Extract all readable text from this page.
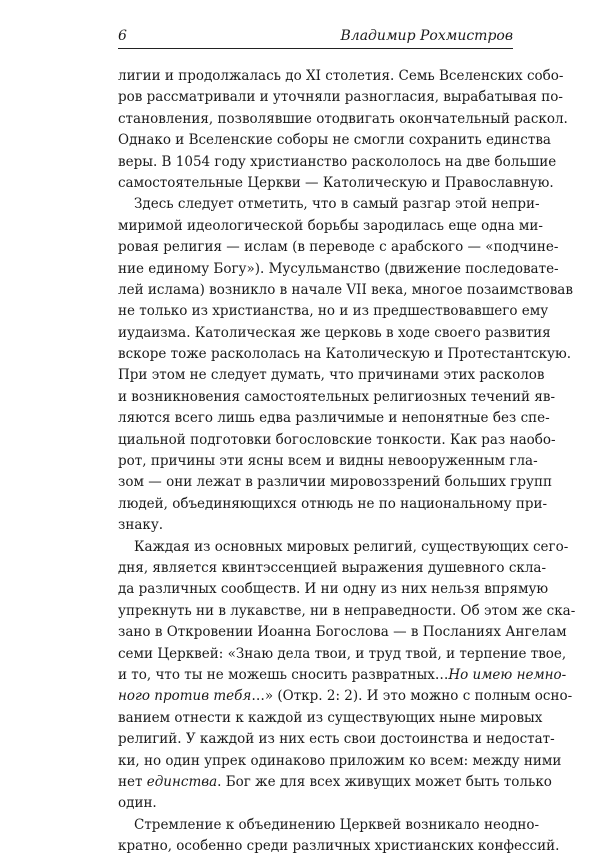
6	Владимир Рохмистров
лигии и продолжалась до XI столетия. Семь Вселенских собо-
ров рассматривали и уточняли разногласия, вырабатывая по-
становления, позволявшие отодвигать окончательный раскол.
Однако и Вселенские соборы не смогли сохранить единства
веры. В 1054 году христианство раскололось на две большие
самостоятельные Церкви — Католическую и Православную.
Здесь следует отметить, что в самый разгар этой непри-
миримой идеологической борьбы зародилась еще одна ми-
ровая религия — ислам (в переводе с арабского — «подчине-
ние единому Богу»). Мусульманство (движение последовате-
лей ислама) возникло в начале VII века, многое позаимствовав
не только из христианства, но и из предшествовавшего ему
иудаизма. Католическая же церковь в ходе своего развития
вскоре тоже раскололась на Католическую и Протестантскую.
При этом не следует думать, что причинами этих расколов
и возникновения самостоятельных религиозных течений яв-
ляются всего лишь едва различимые и непонятные без спе-
циальной подготовки богословские тонкости. Как раз наобо-
рот, причины эти ясны всем и видны невооруженным гла-
зом — они лежат в различии мировоззрений больших групп
людей, объединяющихся отнюдь не по национальному при-
знаку.
Каждая из основных мировых религий, существующих сего-
дня, является квинтэссенцией выражения душевного скла-
да различных сообществ. И ни одну из них нельзя впрямую
упрекнуть ни в лукавстве, ни в неправедности. Об этом же ска-
зано в Откровении Иоанна Богослова — в Посланиях Ангелам
семи Церквей: «Знаю дела твои, и труд твой, и терпение твое,
и то, что ты не можешь сносить развратных…Но имею немно-
ного против тебя…» (Откр. 2: 2). И это можно с полным осно-
ванием отнести к каждой из существующих ныне мировых
религий. У каждой из них есть свои достоинства и недостат-
ки, но один упрек одинаково приложим ко всем: между ними
нет единства. Бог же для всех живущих может быть только
один.
Стремление к объединению Церквей возникало неодно-
кратно, особенно среди различных христианских конфессий.
